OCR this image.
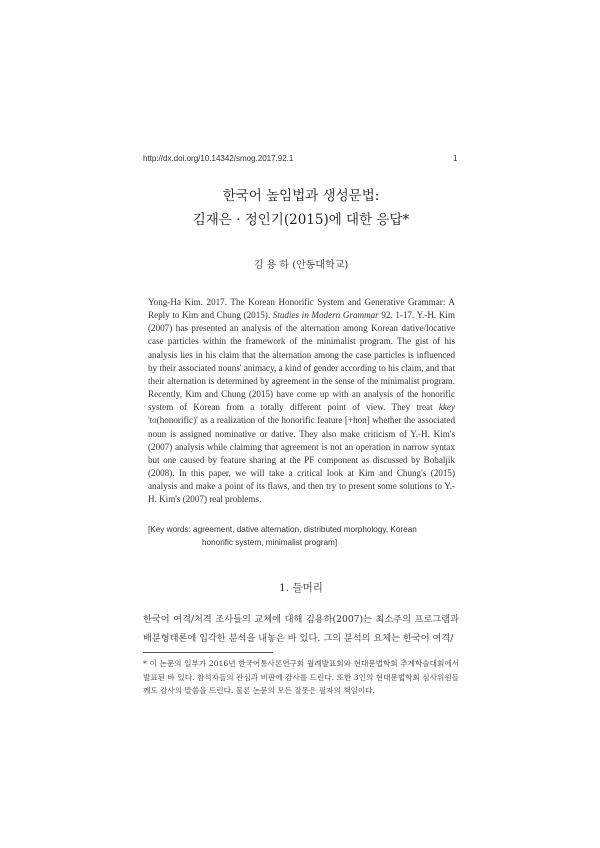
http://dx.doi.org/10.14342/smog.2017.92.1	1
한국어 높임법과 생성문법:
김재은 · 정인기(2015)에 대한 응답*
김 용 하 (안동대학교)
Yong-Ha Kim. 2017. The Korean Honorific System and Generative Grammar: A Reply to Kim and Chung (2015). Studies in Modern Grammar 92. 1-17. Y.-H. Kim (2007) has presented an analysis of the alternation among Korean dative/locative case particles within the framework of the minimalist program. The gist of his analysis lies in his claim that the alternation among the case particles is influenced by their associated nouns' animacy, a kind of gender according to his claim, and that their alternation is determined by agreement in the sense of the minimalist program. Recently, Kim and Chung (2015) have come up with an analysis of the honorific system of Korean from a totally different point of view. They treat kkey 'to(honorific)' as a realization of the honorific feature [+hon] whether the associated noun is assigned nominative or dative. They also make criticism of Y.-H. Kim's (2007) analysis while claiming that agreement is not an operation in narrow syntax but one caused by feature sharing at the PF component as discussed by Bobaljik (2008). In this paper, we will take a critical look at Kim and Chung's (2015) analysis and make a point of its flaws, and then try to present some solutions to Y.-H. Kim's (2007) real problems.
[Key words: agreement, dative alternation, distributed morphology, Korean
honorific system, minimalist program]
1. 들머리
한국어 여격/처격 조사들의 교체에 대해 김용하(2007)는 최소주의 프로그램과 배분형태론에 입각한 분석을 내놓은 바 있다. 그의 분석의 요체는 한국어 여격/
* 이 논문의 일부가 2016년 한국어통사론연구회 월례발표회와 현대문법학회 추계학술대회에서 발표된 바 있다. 참석자들의 관심과 비판에 감사를 드린다. 또한 3인의 현대문법학회 심사위원들께도 감사의 말씀을 드린다. 물론 논문의 모든 잘못은 필자의 책임이다.
